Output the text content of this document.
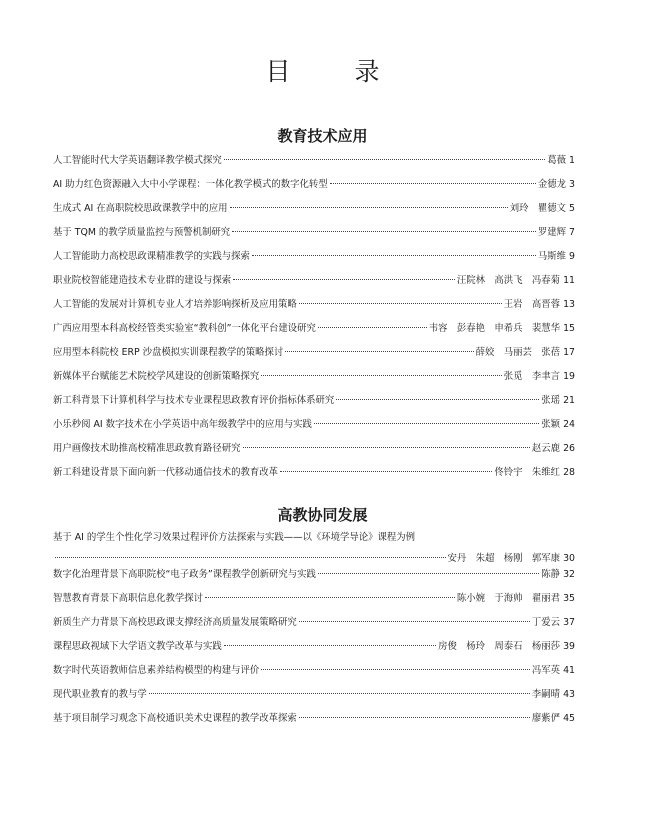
目 录
教育技术应用
人工智能时代大学英语翻译教学模式探究	葛薇 1
AI 助力红色资源融入大中小学课程：一体化教学模式的数字化转型	金德龙 3
生成式 AI 在高职院校思政课教学中的应用	刘玲　瞿德文 5
基于 TQM 的教学质量监控与预警机制研究	罗建辉 7
人工智能助力高校思政课精准教学的实践与探索	马斯维 9
职业院校智能建造技术专业群的建设与探索	汪院林　高洪飞　冯春菊 11
人工智能的发展对计算机专业人才培养影响探析及应用策略	王岩　高晋蓉 13
广西应用型本科高校经管类实验室“教科创”一体化平台建设研究	韦容　彭春艳　申希兵　裴慧华 15
应用型本科院校 ERP 沙盘模拟实训课程教学的策略探讨	薛姣　马丽芸　张蓓 17
新媒体平台赋能艺术院校学风建设的创新策略探究	张觅　李聿言 19
新工科背景下计算机科学与技术专业课程思政教育评价指标体系研究	张瑶 21
小乐秒阅 AI 数字技术在小学英语中高年级教学中的应用与实践	张颖 24
用户画像技术助推高校精准思政教育路径研究	赵云鹿 26
新工科建设背景下面向新一代移动通信技术的教育改革	佟铃宇　朱维红 28
高教协同发展
基于 AI 的学生个性化学习效果过程评价方法探索与实践——以《环境学导论》课程为例
安丹　朱超　杨刚　郭军康 30
数字化治理背景下高职院校“电子政务”课程教学创新研究与实践	陈静 32
智慧教育背景下高职信息化教学探讨	陈小婉　于海帅　翟丽君 35
新质生产力背景下高校思政课支撑经济高质量发展策略研究	丁爱云 37
课程思政视域下大学语文教学改革与实践	房俊　杨玲　周泰石　杨丽莎 39
数字时代英语教师信息素养结构模型的构建与评价	冯军英 41
现代职业教育的教与学	李嗣晴 43
基于项目制学习观念下高校通识美术史课程的教学改革探索	廖紫俨 45
